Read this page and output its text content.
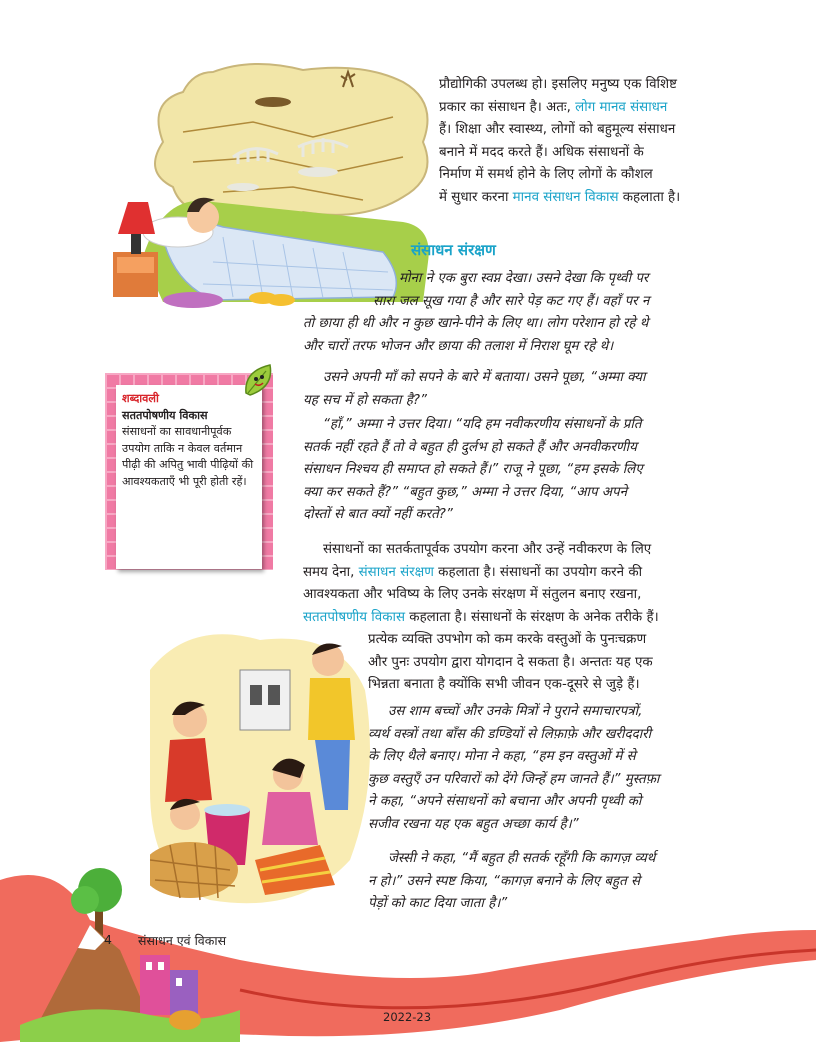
प्रौद्योगिकी उपलब्ध हो। इसलिए मनुष्य एक विशिष्ट

प्रकार का संसाधन है। अतः, लोग मानव संसाधन

हैं। शिक्षा और स्वास्थ्य, लोगों को बहुमूल्य संसाधन

बनाने में मदद करते हैं। अधिक संसाधनों के

निर्माण में समर्थ होने के लिए लोगों के कौशल

में सुधार करना मानव संसाधन विकास कहलाता है।

संसाधन संरक्षण

मोना ने एक बुरा स्वप्न देखा। उसने देखा कि पृथ्वी पर

सारा जल सूख गया है और सारे पेड़ कट गए हैं। वहाँ पर न

तो छाया ही थी और न कुछ खाने-पीने के लिए था। लोग परेशान हो रहे थे

और चारों तरफ भोजन और छाया की तलाश में निराश घूम रहे थे।

उसने अपनी माँ को सपने के बारे में बताया। उसने पूछा, “अम्मा क्या

यह सच में हो सकता है?”

“हाँ,” अम्मा ने उत्तर दिया। “यदि हम नवीकरणीय संसाधनों के प्रति

सतर्क नहीं रहते हैं तो वे बहुत ही दुर्लभ हो सकते हैं और अनवीकरणीय

संसाधन निश्चय ही समाप्त हो सकते हैं।” राजू ने पूछा, “हम इसके लिए

क्या कर सकते हैं?” “बहुत कुछ,” अम्मा ने उत्तर दिया, “आप अपने

दोस्तों से बात क्यों नहीं करते?”

शब्दावली
सततपोषणीय विकास
संसाधनों का सावधानीपूर्वक उपयोग ताकि न केवल वर्तमान पीढ़ी की अपितु भावी पीढ़ियों की आवश्यकताएँ भी पूरी होती रहें।

संसाधनों का सतर्कतापूर्वक उपयोग करना और उन्हें नवीकरण के लिए

समय देना, संसाधन संरक्षण कहलाता है। संसाधनों का उपयोग करने की

आवश्यकता और भविष्य के लिए उनके संरक्षण में संतुलन बनाए रखना,

सततपोषणीय विकास कहलाता है। संसाधनों के संरक्षण के अनेक तरीके हैं।

प्रत्येक व्यक्ति उपभोग को कम करके वस्तुओं के पुनःचक्रण

और पुनः उपयोग द्वारा योगदान दे सकता है। अन्ततः यह एक

भिन्नता बनाता है क्योंकि सभी जीवन एक-दूसरे से जुड़े हैं।

उस शाम बच्चों और उनके मित्रों ने पुराने समाचारपत्रों,

व्यर्थ वस्त्रों तथा बाँस की डण्डियों से लिफ़ाफ़े और खरीददारी

के लिए थैले बनाए। मोना ने कहा, “हम इन वस्तुओं में से

कुछ वस्तुएँ उन परिवारों को देंगे जिन्हें हम जानते हैं।” मुस्तफ़ा

ने कहा, “अपने संसाधनों को बचाना और अपनी पृथ्वी को

सजीव रखना यह एक बहुत अच्छा कार्य है।”

जेस्सी ने कहा, “मैं बहुत ही सतर्क रहूँगी कि कागज़ व्यर्थ

न हो।” उसने स्पष्ट किया, “कागज़ बनाने के लिए बहुत से

पेड़ों को काट दिया जाता है।”

4 संसाधन एवं विकास
2022-23
